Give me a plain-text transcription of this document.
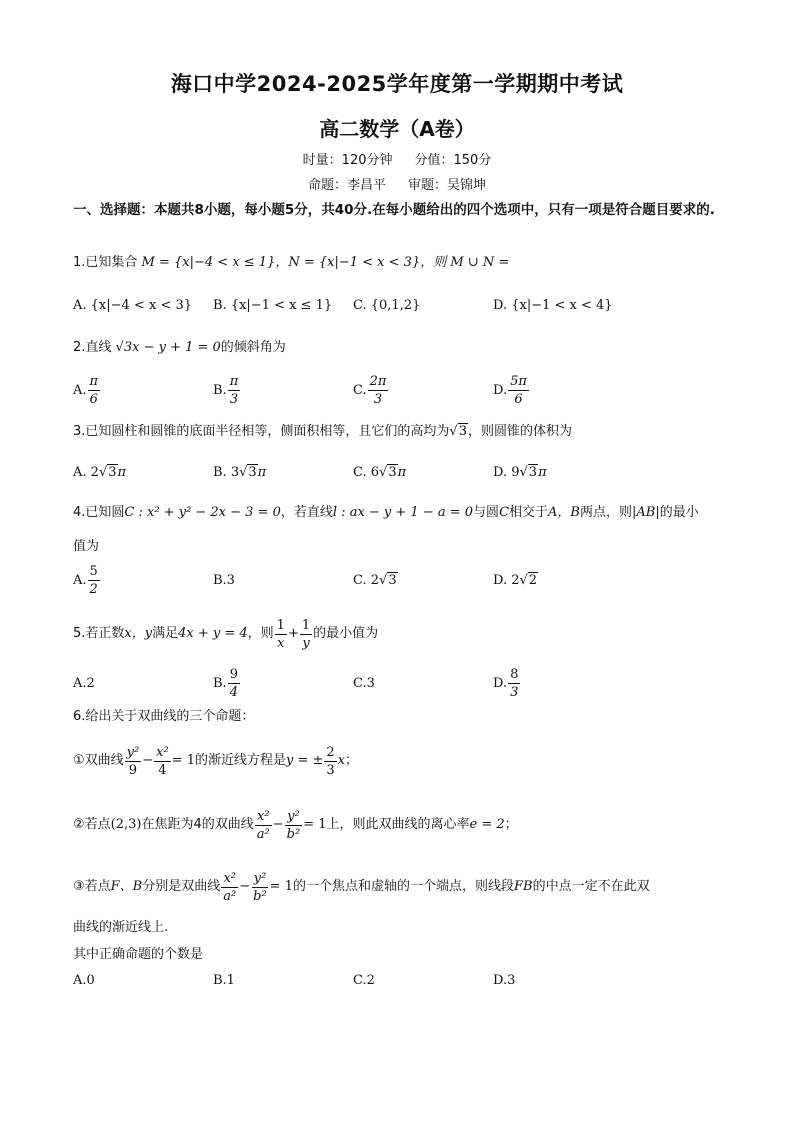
海口中学2024-2025学年度第一学期期中考试
高二数学（A卷）
时量：120分钟 分值：150分
命题：李昌平 审题：吴锦坤
一、选择题：本题共8小题，每小题5分，共40分.在每小题给出的四个选项中，只有一项是符合题目要求的.
1.已知集合 M = {x|−4 < x ≤ 1}，N = {x|−1 < x < 3}，则 M ∪ N =
A. {x|−4 < x < 3} B. {x|−1 < x ≤ 1} C. {0,1,2}	D. {x|−1 < x < 4}
2.直线 √3x − y + 1 = 0的倾斜角为
A. $\frac{\pi}{6}$	B. $\frac{\pi}{3}$	C. $\frac{2\pi}{3}$	D. $\frac{5\pi}{6}$
3.已知圆柱和圆锥的底面半径相等，侧面积相等，且它们的高均为√3，则圆锥的体积为
A. 2 √3 π	B. 3 √3 π	C. 6 √3 π	D. 9 √3 π
4.已知圆C : x² + y² − 2x − 3 = 0，若直线l : ax − y + 1 − a = 0与圆C相交于A，B两点，则|AB|的最小
值为
A. $\frac{5}{2}$	B.3	C. 2 √3	D. 2 √2
5.若正数 x，y 满足 4x + y = 4 ，则 $\frac{1}{x} + \frac{1}{y}$ 的最小值为
A.2	B. $\frac{9}{4}$	C.3	D. $\frac{8}{3}$
6.给出关于双曲线的三个命题：
①双曲线 $\frac{\text{y²}}{9} - \frac{\text{x²}}{4} = 1$ 的渐近线方程是 y = ± $\frac{2}{3}$ x ；
②若点 (2,3) 在焦距为4的双曲线 $\frac{\text{x²}}{\text{a²}} - \frac{\text{y²}}{\text{b²}} = 1$ 上，则此双曲线的离心率 e = 2 ；
③若点 F、B 分别是双曲线 $\frac{\text{x²}}{\text{a²}} - \frac{\text{y²}}{\text{b²}} = 1$ 的一个焦点和虚轴的一个端点，则线段 FB 的中点一定不在此双
曲线的渐近线上.
其中正确命题的个数是
A.0	B.1	C.2	D.3
